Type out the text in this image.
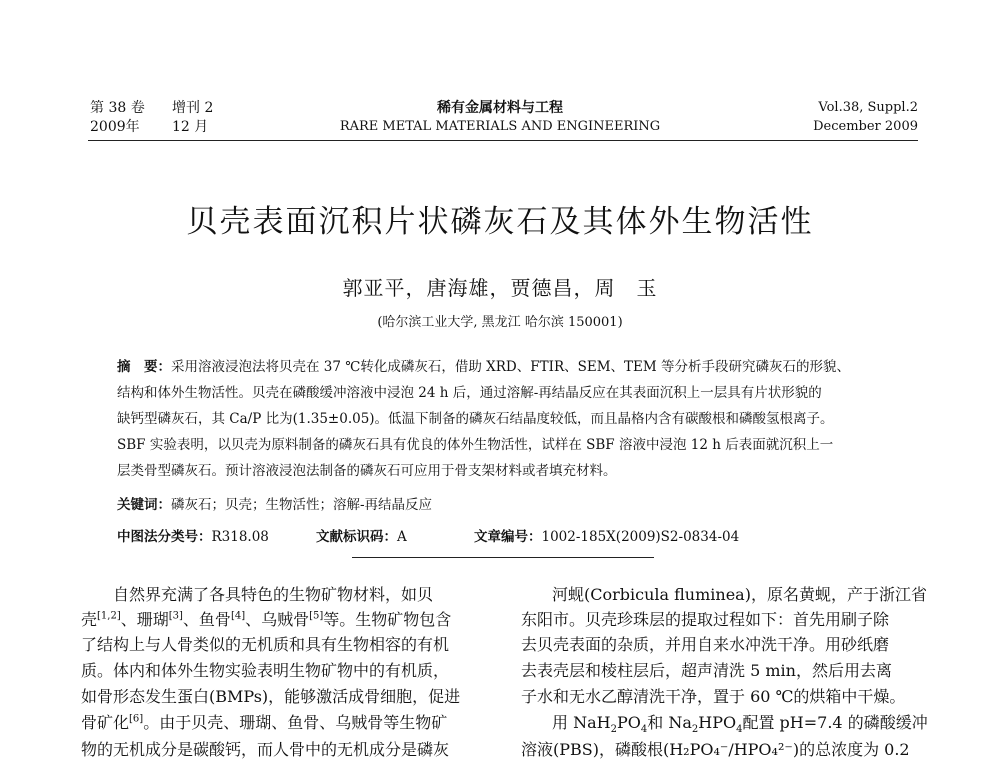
第 38 卷 增刊 2
2009年 12 月
稀有金属材料与工程
RARE METAL MATERIALS AND ENGINEERING
Vol.38, Suppl.2
December 2009
贝壳表面沉积片状磷灰石及其体外生物活性
郭亚平，唐海雄，贾德昌，周　玉
(哈尔滨工业大学, 黑龙江 哈尔滨 150001)
摘　要：采用溶液浸泡法将贝壳在 37 ℃转化成磷灰石，借助 XRD、FTIR、SEM、TEM 等分析手段研究磷灰石的形貌、
结构和体外生物活性。贝壳在磷酸缓冲溶液中浸泡 24 h 后，通过溶解-再结晶反应在其表面沉积上一层具有片状形貌的
缺钙型磷灰石，其 Ca/P 比为(1.35±0.05)。低温下制备的磷灰石结晶度较低，而且晶格内含有碳酸根和磷酸氢根离子。
SBF 实验表明，以贝壳为原料制备的磷灰石具有优良的体外生物活性，试样在 SBF 溶液中浸泡 12 h 后表面就沉积上一
层类骨型磷灰石。预计溶液浸泡法制备的磷灰石可应用于骨支架材料或者填充材料。
关键词：磷灰石；贝壳；生物活性；溶解-再结晶反应
中图法分类号：R318.08	文献标识码：A	文章编号：1002-185X(2009)S2-0834-04
自然界充满了各具特色的生物矿物材料，如贝
壳[1,2]、珊瑚[3]、鱼骨[4]、乌贼骨[5]等。生物矿物包含
了结构上与人骨类似的无机质和具有生物相容的有机
质。体内和体外生物实验表明生物矿物中的有机质，
如骨形态发生蛋白(BMPs)，能够激活成骨细胞，促进
骨矿化[6]。由于贝壳、珊瑚、鱼骨、乌贼骨等生物矿
物的无机成分是碳酸钙，而人骨中的无机成分是磷灰
河蚬(Corbicula fluminea)，原名黄蚬，产于浙江省
东阳市。贝壳珍珠层的提取过程如下：首先用刷子除
去贝壳表面的杂质，并用自来水冲洗干净。用砂纸磨
去表壳层和棱柱层后，超声清洗 5 min，然后用去离
子水和无水乙醇清洗干净，置于 60 ℃的烘箱中干燥。
用 $NaH_2PO_4$和 $Na_2HPO_4$配置 pH=7.4 的磷酸缓冲
溶液(PBS)，磷酸根(H₂PO₄⁻/HPO₄²⁻)的总浓度为 0.2
